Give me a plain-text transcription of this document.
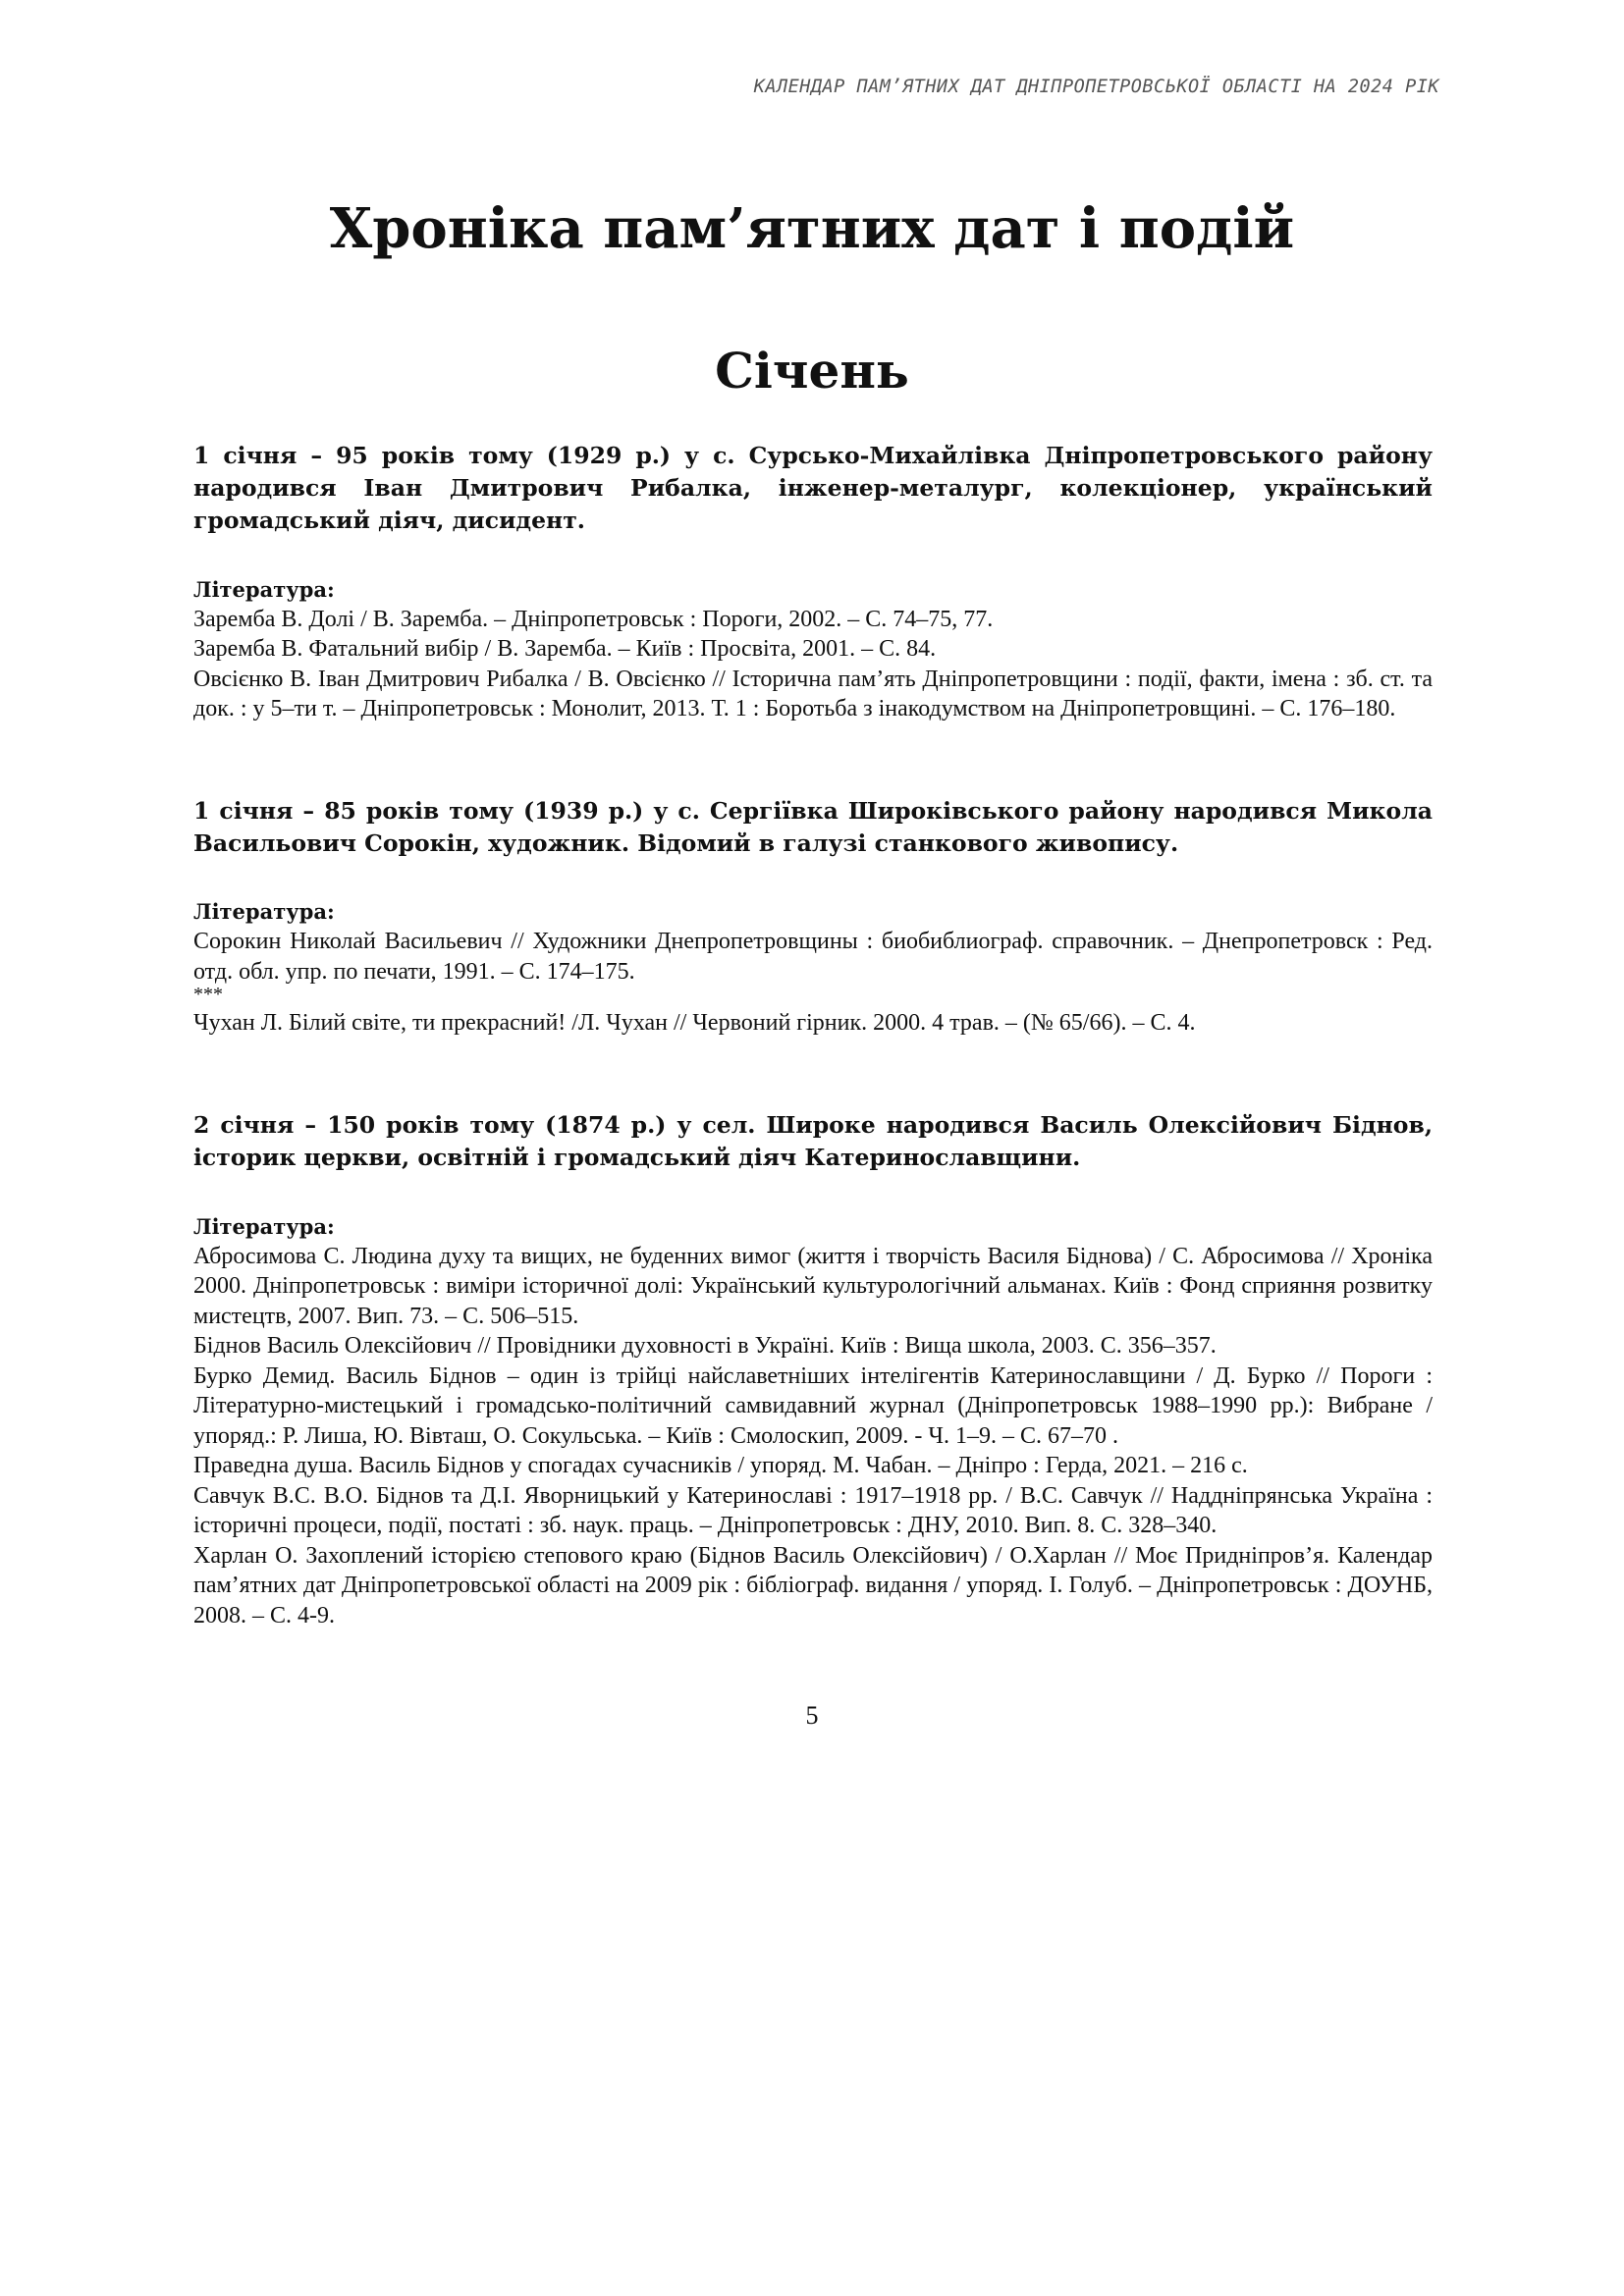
КАЛЕНДАР ПАМ’ЯТНИХ ДАТ ДНІПРОПЕТРОВСЬКОЇ ОБЛАСТІ НА 2024 РІК
Хроніка пам’ятних дат і подій
Січень

1 січня – 95 років тому (1929 р.) у с. Сурсько-Михайлівка Дніпропетровського району народився Іван Дмитрович Рибалка, інженер-металург, колекціонер, український громадський діяч, дисидент.

Література:

Заремба В. Долі / В. Заремба. – Дніпропетровськ : Пороги, 2002. – С. 74–75, 77.

Заремба В. Фатальний вибір / В. Заремба. – Київ : Просвіта, 2001. – С. 84.

Овсієнко В. Іван Дмитрович Рибалка / В. Овсієнко // Історична пам’ять Дніпропетровщини : події, факти, імена : зб. ст. та док. : у 5–ти т. – Дніпропетровськ : Монолит, 2013. Т. 1 : Боротьба з інакодумством на Дніпропетровщині. – С. 176–180.

1 січня – 85 років тому (1939 р.) у с. Сергіївка Широківського району народився Микола Васильович Сорокін, художник. Відомий в галузі станкового живопису.

Література:

Сорокин Николай Васильевич // Художники Днепропетровщины : биобиблиограф. справочник. – Днепропетровск : Ред. отд. обл. упр. по печати, 1991. – С. 174–175.

***

Чухан Л. Білий світе, ти прекрасний! /Л. Чухан // Червоний гірник. 2000. 4 трав. – (№ 65/66). – С. 4.

2 січня – 150 років тому (1874 р.) у сел. Широке народився Василь Олексійович Біднов, історик церкви, освітній і громадський діяч Катеринославщини.

Література:

Абросимова С. Людина духу та вищих, не буденних вимог (життя і творчість Василя Біднова) / С. Абросимова // Хроніка 2000. Дніпропетровськ : виміри історичної долі: Український культурологічний альманах. Київ : Фонд сприяння розвитку мистецтв, 2007. Вип. 73. – С. 506–515.

Біднов Василь Олексійович // Провідники духовності в Україні. Київ : Вища школа, 2003. С. 356–357.

Бурко Демид. Василь Біднов – один із трійці найславетніших інтелігентів Катеринославщини / Д. Бурко // Пороги : Літературно-мистецький і громадсько-політичний самвидавний журнал (Дніпропетровськ 1988–1990 рр.): Вибране / упоряд.: Р. Лиша, Ю. Вівташ, О. Сокульська. – Київ : Смолоскип, 2009. - Ч. 1–9. – С. 67–70 .

Праведна душа. Василь Біднов у спогадах сучасників / упоряд. М. Чабан. – Дніпро : Герда, 2021. – 216 с.

Савчук В.С. В.О. Біднов та Д.І. Яворницький у Катеринославі : 1917–1918 рр. / В.С. Савчук // Наддніпрянська Україна : історичні процеси, події, постаті : зб. наук. праць. – Дніпропетровськ : ДНУ, 2010. Вип. 8. С. 328–340.

Харлан О. Захоплений історією степового краю (Біднов Василь Олексійович) / О.Харлан // Моє Придніпров’я. Календар пам’ятних дат Дніпропетровської області на 2009 рік : бібліограф. видання / упоряд. І. Голуб. – Дніпропетровськ : ДОУНБ, 2008. – С. 4-9.

5
